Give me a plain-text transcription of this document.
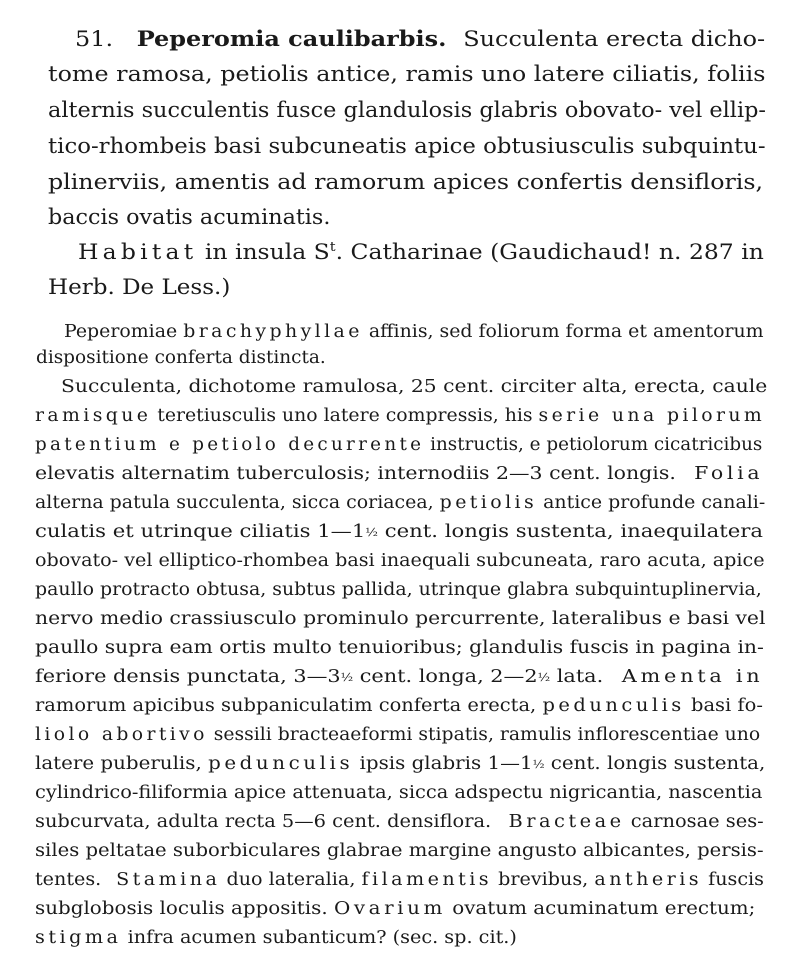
51. Peperomia caulibarbis. Succulenta erecta dicho-
tome ramosa, petiolis antice, ramis uno latere ciliatis, foliis
alternis succulentis fusce glandulosis glabris obovato- vel ellip-
tico-rhombeis basi subcuneatis apice obtusiusculis subquintu-
plinerviis, amentis ad ramorum apices confertis densifloris,
baccis ovatis acuminatis.
Habitat in insula $S^t$. Catharinae (Gaudichaud! n. 287 in
Herb. De Less.)
Peperomiae brachyphyllae affinis, sed foliorum forma et amentorum
dispositione conferta distincta.
Succulenta, dichotome ramulosa, 25 cent. circiter alta, erecta, caule
ramisque teretiusculis uno latere compressis, his serie una pilorum
patentium e petiolo decurrente instructis, e petiolorum cicatricibus
elevatis alternatim tuberculosis; internodiis 2—3 cent. longis. Folia
alterna patula succulenta, sicca coriacea, petiolis antice profunde canali-
culatis et utrinque ciliatis 1—1½ cent. longis sustenta, inaequilatera
obovato- vel elliptico-rhombea basi inaequali subcuneata, raro acuta, apice
paullo protracto obtusa, subtus pallida, utrinque glabra subquintuplinervia,
nervo medio crassiusculo prominulo percurrente, lateralibus e basi vel
paullo supra eam ortis multo tenuioribus; glandulis fuscis in pagina in-
feriore densis punctata, 3—3½ cent. longa, 2—2½ lata. Amenta in
ramorum apicibus subpaniculatim conferta erecta, pedunculis basi fo-
liolo abortivo sessili bracteaeformi stipatis, ramulis inflorescentiae uno
latere puberulis, pedunculis ipsis glabris 1—1½ cent. longis sustenta,
cylindrico-filiformia apice attenuata, sicca adspectu nigricantia, nascentia
subcurvata, adulta recta 5—6 cent. densiflora. Bracteae carnosae ses-
siles peltatae suborbiculares glabrae margine angusto albicantes, persis-
tentes. Stamina duo lateralia, filamentis brevibus, antheris fuscis
subglobosis loculis appositis. Ovarium ovatum acuminatum erectum;
stigma infra acumen subanticum? (sec. sp. cit.)
